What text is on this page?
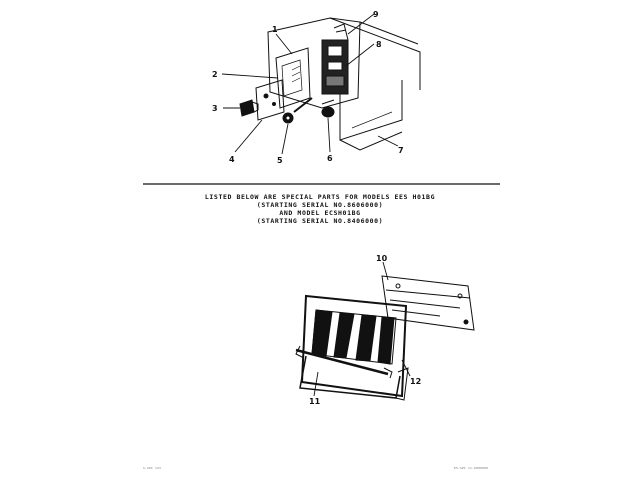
1
2
3
4	5	6
7
8
9
10
11
12
LISTED BELOW ARE SPECIAL PARTS FOR MODELS EES H01BG
(STARTING SERIAL NO.8606000)
AND MODEL ECSH01BG
(STARTING SERIAL NO.8406000)
S-SPI 123	E5-SPI 11-0000000
